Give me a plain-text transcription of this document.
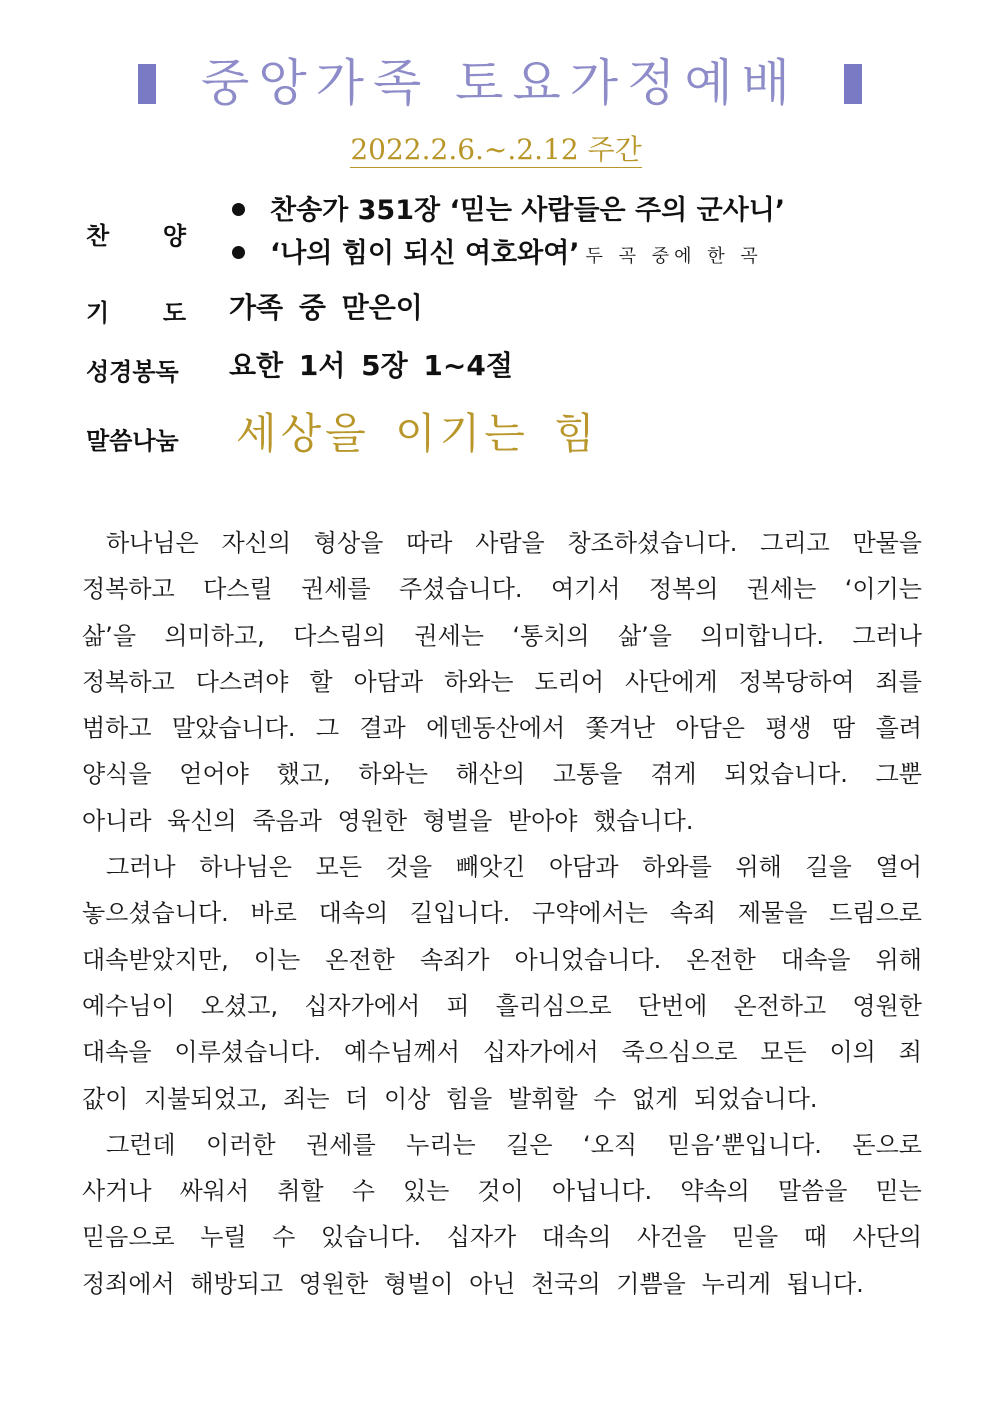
중앙가족 토요가정예배
2022.2.6.~.2.12 주간
찬 양
찬송가 351장 ‘믿는 사람들은 주의 군사니’
‘나의 힘이 되신 여호와여’ 두 곡 중에 한 곡
기 도 가족 중 맏은이
성경봉독 요한 1서 5장 1~4절
말씀나눔 세상을 이기는 힘
하나님은 자신의 형상을 따라 사람을 창조하셨습니다. 그리고 만물을
정복하고 다스릴 권세를 주셨습니다. 여기서 정복의 권세는 ‘이기는
삶’을 의미하고, 다스림의 권세는 ‘통치의 삶’을 의미합니다. 그러나
정복하고 다스려야 할 아담과 하와는 도리어 사단에게 정복당하여 죄를
범하고 말았습니다. 그 결과 에덴동산에서 쫓겨난 아담은 평생 땀 흘려
양식을 얻어야 했고, 하와는 해산의 고통을 겪게 되었습니다. 그뿐
아니라 육신의 죽음과 영원한 형벌을 받아야 했습니다.
그러나 하나님은 모든 것을 빼앗긴 아담과 하와를 위해 길을 열어
놓으셨습니다. 바로 대속의 길입니다. 구약에서는 속죄 제물을 드림으로
대속받았지만, 이는 온전한 속죄가 아니었습니다. 온전한 대속을 위해
예수님이 오셨고, 십자가에서 피 흘리심으로 단번에 온전하고 영원한
대속을 이루셨습니다. 예수님께서 십자가에서 죽으심으로 모든 이의 죄
값이 지불되었고, 죄는 더 이상 힘을 발휘할 수 없게 되었습니다.
그런데 이러한 권세를 누리는 길은 ‘오직 믿음’뿐입니다. 돈으로
사거나 싸워서 취할 수 있는 것이 아닙니다. 약속의 말씀을 믿는
믿음으로 누릴 수 있습니다. 십자가 대속의 사건을 믿을 때 사단의
정죄에서 해방되고 영원한 형벌이 아닌 천국의 기쁨을 누리게 됩니다.
